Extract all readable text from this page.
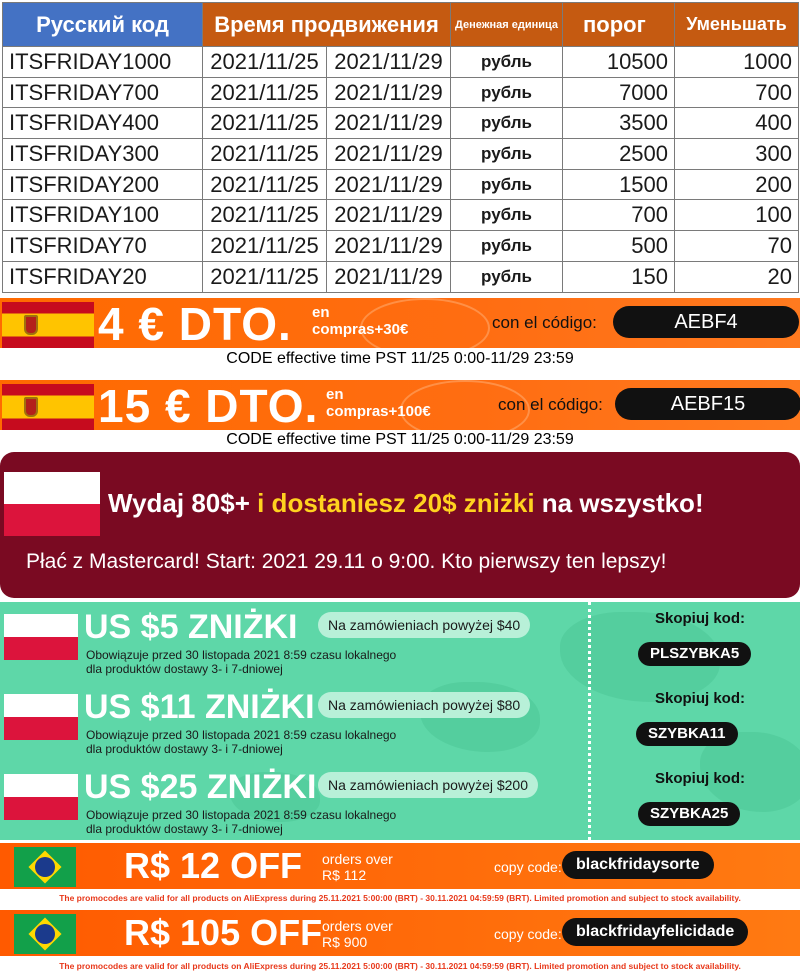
Русский код	Время продвижения		Денежная единица	порог	Уменьшать
ITSFRIDAY1000	2021/11/25	2021/11/29	рубль	10500	1000
ITSFRIDAY700	2021/11/25	2021/11/29	рубль	7000	700
ITSFRIDAY400	2021/11/25	2021/11/29	рубль	3500	400
ITSFRIDAY300	2021/11/25	2021/11/29	рубль	2500	300
ITSFRIDAY200	2021/11/25	2021/11/29	рубль	1500	200
ITSFRIDAY100	2021/11/25	2021/11/29	рубль	700	100
ITSFRIDAY70	2021/11/25	2021/11/29	рубль	500	70
ITSFRIDAY20	2021/11/25	2021/11/29	рубль	150	20
4 € DTO. en
compras+30€	con el código:	AEBF4
CODE effective time PST 11/25 0:00-11/29 23:59
15 € DTO. en
compras+100€	con el código:	AEBF15
CODE effective time PST 11/25 0:00-11/29 23:59
Wydaj 80$+ i dostaniesz 20$ zniżki na wszystko!
Płać z Mastercard! Start: 2021 29.11 o 9:00. Kto pierwszy ten lepszy!
US $5 ZNIŻKI	Na zamówieniach powyżej $40
Obowiązuje przed 30 listopada 2021 8:59 czasu lokalnego
dla produktów dostawy 3- i 7-dniowej
Skopiuj kod:
PLSZYBKA5
US $11 ZNIŻKI Na zamówieniach powyżej $80
Obowiązuje przed 30 listopada 2021 8:59 czasu lokalnego
dla produktów dostawy 3- i 7-dniowej
Skopiuj kod:
SZYBKA11
US $25 ZNIŻKI Na zamówieniach powyżej $200
Obowiązuje przed 30 listopada 2021 8:59 czasu lokalnego
dla produktów dostawy 3- i 7-dniowej
Skopiuj kod:
SZYBKA25
R$ 12 OFF orders over
R$ 112	copy code: blackfridaysorte
The promocodes are valid for all products on AliExpress during 25.11.2021 5:00:00 (BRT) - 30.11.2021 04:59:59 (BRT). Limited promotion and subject to stock availability.
R$ 105 OFF orders over
R$ 900	copy code: blackfridayfelicidade
The promocodes are valid for all products on AliExpress during 25.11.2021 5:00:00 (BRT) - 30.11.2021 04:59:59 (BRT). Limited promotion and subject to stock availability.
